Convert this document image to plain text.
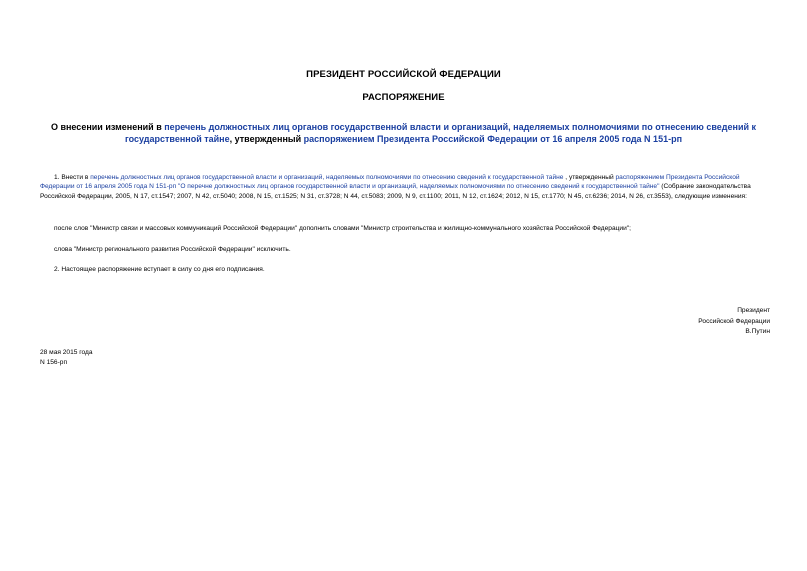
ПРЕЗИДЕНТ РОССИЙСКОЙ ФЕДЕРАЦИИ
РАСПОРЯЖЕНИЕ
О внесении изменений в перечень должностных лиц органов государственной власти и организаций, наделяемых полномочиями по отнесению сведений к государственной тайне, утвержденный распоряжением Президента Российской Федерации от 16 апреля 2005 года N 151-рп
1. Внести в перечень должностных лиц органов государственной власти и организаций, наделяемых полномочиями по отнесению сведений к государственной тайне , утвержденный распоряжением Президента Российской Федерации от 16 апреля 2005 года N 151-рп "О перечне должностных лиц органов государственной власти и организаций, наделяемых полномочиями по отнесению сведений к государственной тайне" (Собрание законодательства Российской Федерации, 2005, N 17, ст.1547; 2007, N 42, ст.5040; 2008, N 15, ст.1525; N 31, ст.3728; N 44, ст.5083; 2009, N 9, ст.1100; 2011, N 12, ст.1624; 2012, N 15, ст.1770; N 45, ст.6236; 2014, N 26, ст.3553), следующие изменения:
после слов "Министр связи и массовых коммуникаций Российской Федерации" дополнить словами "Министр строительства и жилищно-коммунального хозяйства Российской Федерации";
слова "Министр регионального развития Российской Федерации" исключить.
2. Настоящее распоряжение вступает в силу со дня его подписания.
Президент
Российской Федерации
В.Путин
28 мая 2015 года
N 156-рп
